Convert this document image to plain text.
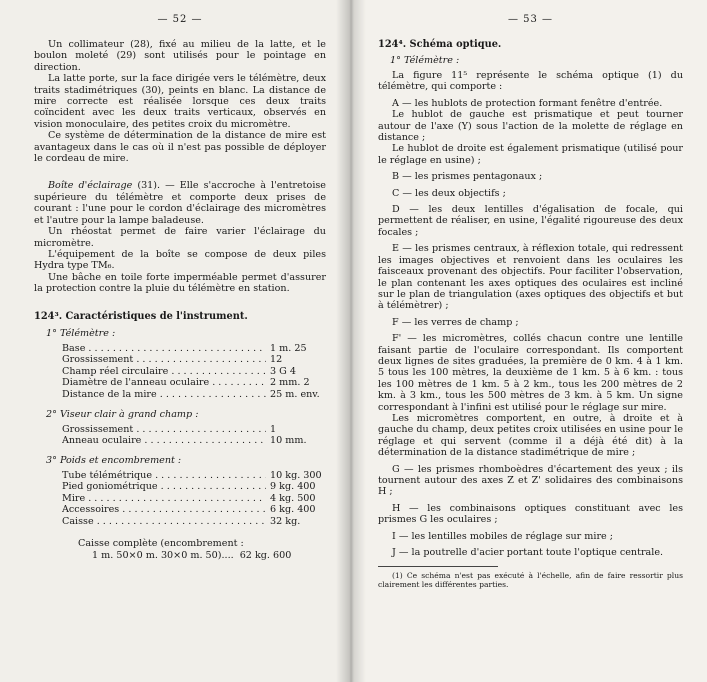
— 52 —

Un collimateur (28), fixé au milieu de la latte, et le boulon moleté (29) sont utilisés pour le pointage en direction.

La latte porte, sur la face dirigée vers le télémètre, deux traits stadimétriques (30), peints en blanc. La distance de mire correcte est réalisée lorsque ces deux traits coïncident avec les deux traits verticaux, observés en vision monoculaire, des petites croix du micromètre.

Ce système de détermination de la distance de mire est avantageux dans le cas où il n'est pas possible de déployer le cordeau de mire.

Boîte d'éclairage (31). — Elle s'accroche à l'entretoise supérieure du télémètre et comporte deux prises de courant : l'une pour le cordon d'éclairage des micromètres et l'autre pour la lampe baladeuse.

Un rhéostat permet de faire varier l'éclairage du micromètre.

L'équipement de la boîte se compose de deux piles Hydra type TM₆.

Une bâche en toile forte imperméable permet d'assurer la protection contre la pluie du télémètre en station.

124³. Caractéristiques de l'instrument.
1° Télémètre :
Base . . .	1 m. 25
Grossissement . . .	12
Champ réel circulaire . . .	3 G 4
Diamètre de l'anneau oculaire . . .	2 mm. 2
Distance de la mire . . .	25 m. env.
2° Viseur clair à grand champ :
Grossissement . . .	1
Anneau oculaire . . .	10 mm.
3° Poids et encombrement :
Tube télémétrique . . .	10 kg. 300
Pied goniométrique . . .	9 kg. 400
Mire . . .	4 kg. 500
Accessoires . . .	6 kg. 400
Caisse . . .	32 kg.
Caisse complète (encombrement :
1 m. 50×0 m. 30×0 m. 50).... 62 kg. 600
— 53 —
124⁴. Schéma optique.
1° Télémètre :

La figure 11⁵ représente le schéma optique (1) du télémètre, qui comporte :

A — les hublots de protection formant fenêtre d'entrée.

Le hublot de gauche est prismatique et peut tourner autour de l'axe (Y) sous l'action de la molette de réglage en distance ;

Le hublot de droite est également prismatique (utilisé pour le réglage en usine) ;

B — les prismes pentagonaux ;

C — les deux objectifs ;

D — les deux lentilles d'égalisation de focale, qui permettent de réaliser, en usine, l'égalité rigoureuse des deux focales ;

E — les prismes centraux, à réflexion totale, qui redressent les images objectives et renvoient dans les oculaires les faisceaux provenant des objectifs. Pour faciliter l'observation, le plan contenant les axes optiques des oculaires est incliné sur le plan de triangulation (axes optiques des objectifs et but à télémètrer) ;

F — les verres de champ ;

F' — les micromètres, collés chacun contre une lentille faisant partie de l'oculaire correspondant. Ils comportent deux lignes de sites graduées, la première de 0 km. 4 à 1 km. 5 tous les 100 mètres, la deuxième de 1 km. 5 à 6 km. : tous les 100 mètres de 1 km. 5 à 2 km., tous les 200 mètres de 2 km. à 3 km., tous les 500 mètres de 3 km. à 5 km. Un signe correspondant à l'infini est utilisé pour le réglage sur mire.

Les micromètres comportent, en outre, à droite et à gauche du champ, deux petites croix utilisées en usine pour le réglage et qui servent (comme il a déjà été dit) à la détermination de la distance stadimétrique de mire ;

G — les prismes rhomboèdres d'écartement des yeux ; ils tournent autour des axes Z et Z' solidaires des combinaisons H ;

H — les combinaisons optiques constituant avec les prismes G les oculaires ;

I — les lentilles mobiles de réglage sur mire ;

J — la poutrelle d'acier portant toute l'optique centrale.

(1) Ce schéma n'est pas exécuté à l'échelle, afin de faire ressortir plus clairement les différentes parties.
